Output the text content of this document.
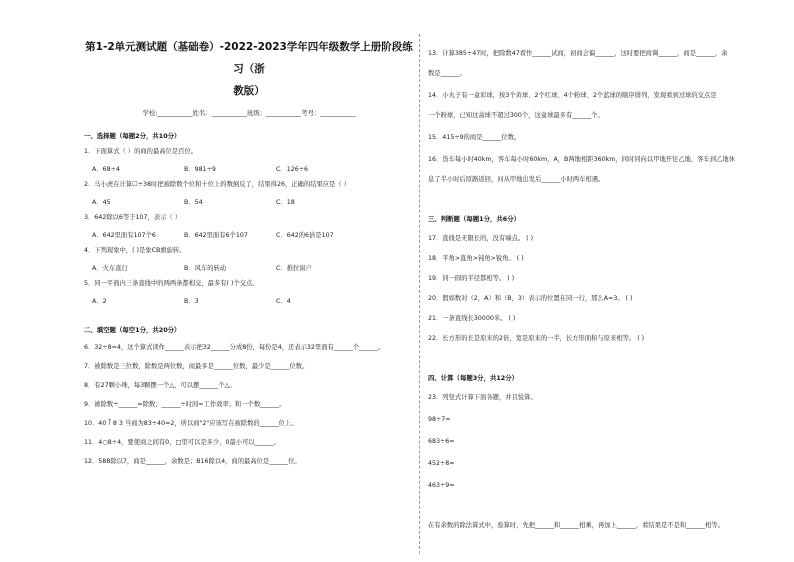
第1-2单元测试题（基础卷）-2022-2023学年四年级数学上册阶段练习（浙
教版）
学校:___________姓名：___________班级：___________考号：___________
一、选择题（每题2分，共10分）
1．下面算式（ ）的商的最高位是百位。
A．68÷4	B．981÷9	C．126÷6
2．马小虎在计算☐÷38时把被除数个位和十位上的数倒反了，结果得26，正确的结果应是（ ）
A．45	B．54	C．18
3．642除以6等于107，表示（ ）
A．642里面有107个6	B．642里面有6个107	C．642的6倍是107
4．下列现象中，( )是象CB旗旋转。
A．火车直行	B．风车的转动	C．推拉窗户
5．同一平面内三条直线中的两两条都相交，最多有( )个交点。
A．2	B．3	C．4
二、填空题（每空1分，共20分）
6．32÷8=4，这个算式读作______表示把32______分成8份，每份是4，还表示32里面有______个______。
7．被除数是三位数，除数是两位数，商最多是______位数，最少是______位数。
8．有27颗小珠，每3颗摆一个△，可以摆______个△。
9．被除数÷______=除数；______÷时间=工作效率；和一个数______。
10．40 ⟌ 8 3 当商为83÷40=2，所以商"2"应该写在被除数的______位上。
11．4○8÷4，要使商之间有0，□里可以是多少，0最小可以______。
12．588除以7，商是______，余数是；B16除以4，商的最高位是______位。
13．计算385÷47时，把除数47看作______试商，初商会偏______，这时要把商调______，商是______，余
数是______。
14．小丸子有一盒彩球，按3个黄球、2个红球、4个粉球、2个蓝球的顺序排列，发现看到过球的交点是
一个粉球，已知这盒球不超过300个，这盒球最多有______个。
15．415÷9的商是______位数。
16．货车每小时40km，客车每小时60km，A，B两地相距360km，同时同向以甲地开往乙地，客车到乙地休
息了半小时后原路返回，问从甲地出发后______小时两车相遇。
三、判断题（每题1分，共6分）
17．直线是无限长的，没有端点。 ( )
18．平角>直角>钝角>锐角。 ( )
19．同一圆的半径都相等。 ( )
20．假如数对（2，A）和（B，3）表示的位置在同一行，那么A=3。 ( )
21．一条直线长30000米。 ( )
22．长方形的长是原来的2倍，宽是原来的一半，长方形面积与原来相等。 ( )
四、计算（每题3分，共12分）
23．列竖式计算下面各题，并且验算。
98÷7=
683÷6=
452÷8=
463÷9=
在有余数的除法算式中，验算时，先把______和______相乘，再加上______，看结果是不是和______相等。
